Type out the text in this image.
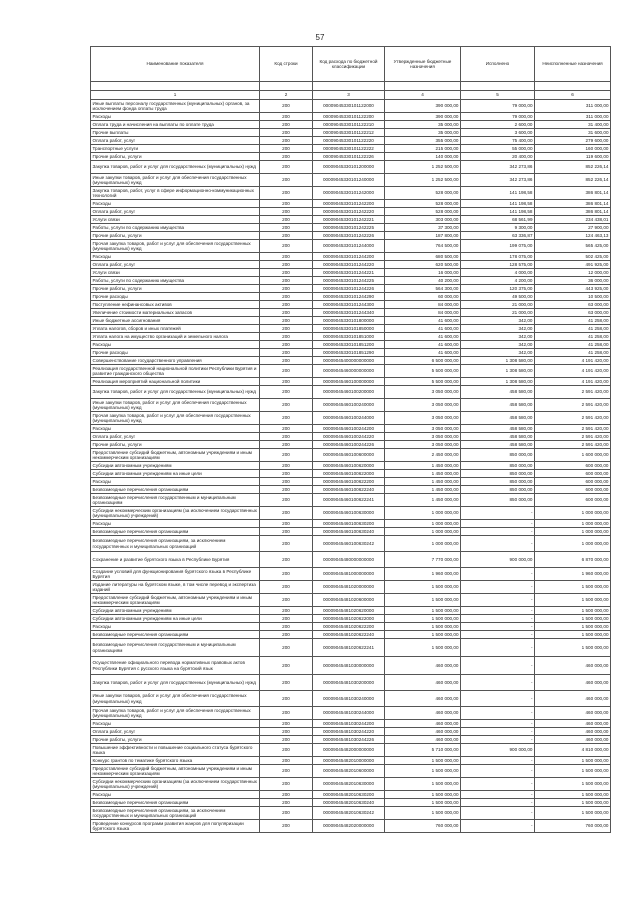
57
Наименование показателя	Код строки	Код расхода по бюджетной классификации	Утвержденные бюджетные назначения	Исполнено	Неисполненные назначения

1	2	3	4	5	6
Иные выплаты персоналу государственных (муниципальных) органов, за исключением фонда оплаты труда	200	00009045330101122000	390 000,00	79 000,00	311 000,00
Расходы	200	00009045330101122200	390 000,00	79 000,00	311 000,00
Оплата труда и начисления на выплаты по оплате труда	200	00009045330101122210	35 000,00	2 600,00	31 400,00
Прочие выплаты	200	00009045330101122212	35 000,00	3 600,00	31 600,00
Оплата работ, услуг	200	00009045330101122220	355 000,00	75 400,00	279 600,00
Транспортные услуги	200	00009045330101122222	215 000,00	55 000,00	160 000,00
Прочие работы, услуги	200	00009045330101122226	140 000,00	20 400,00	119 600,00
Закупка товаров, работ и услуг для государственных (муниципальных) нужд	200	00009045330101200000	1 252 500,00	342 273,86	852 226,14
Иные закупки товаров, работ и услуг для обеспечения государственных (муниципальных) нужд	200	00009045330101240000	1 252 500,00	342 273,86	852 226,14
Закупка товаров, работ, услуг в сфере информационно-коммуникационных технологий	200	00009045330101242000	528 000,00	141 198,58	386 801,14
Расходы	200	00009045330101242200	528 000,00	141 198,58	386 801,14
Оплата работ, услуг	200	00009045330101242220	528 000,00	141 198,58	386 801,14
Услуги связи	200	00009045330101242221	303 000,00	68 561,99	234 438,01
Работы, услуги по содержанию имущества	200	00009045330101242225	37 300,00	9 300,00	27 900,00
Прочие работы, услуги	200	00009045330101242226	187 800,00	63 336,87	124 463,13
Прочая закупка товаров, работ и услуг для обеспечения государственных (муниципальных) нужд	200	00009045330101244000	764 500,00	199 075,00	565 425,00
Расходы	200	00009045330101244200	680 500,00	178 075,00	502 425,00
Оплата работ, услуг	200	00009045330101244220	620 500,00	128 575,00	491 925,00
Услуги связи	200	00009045330101244221	16 000,00	4 000,00	12 000,00
Работы, услуги по содержанию имущества	200	00009045330101244225	40 200,00	4 200,00	36 000,00
Прочие работы, услуги	200	00009045330101244226	564 300,00	120 375,00	443 925,00
Прочие расходы	200	00009045330101244290	60 000,00	49 500,00	10 500,00
Поступление нефинансовых активов	200	00009045330101244300	84 000,00	21 000,00	63 000,00
Увеличение стоимости материальных запасов	200	00009045330101244340	84 000,00	21 000,00	63 000,00
Иные бюджетные ассигнования	200	00009045330101800000	41 600,00	342,00	41 258,00
Уплата налогов, сборов и иных платежей	200	00009045330101850000	41 600,00	342,00	41 258,00
Уплата налога на имущество организаций и земельного налога	200	00009045330101851000	41 600,00	342,00	41 258,00
Расходы	200	00009045330101851200	41 600,00	342,00	41 258,00
Прочие расходы	200	00009045330101851290	41 600,00	342,00	41 258,00
Совершенствование государственного управления	200	00009045400000000000	6 500 000,00	1 308 580,00	4 191 420,00
Реализация государственной национальной политики Республики Бурятия и развитие гражданского общества	200	00009045460000000000	5 500 000,00	1 308 580,00	4 191 420,00
Реализация мероприятий национальной политики	200	00009045460100000000	5 500 000,00	1 308 580,00	4 191 420,00
Закупка товаров, работ и услуг для государственных (муниципальных) нужд	200	00009045460100200000	3 050 000,00	458 580,00	2 591 420,00
Иные закупки товаров, работ и услуг для обеспечения государственных (муниципальных) нужд	200	00009045460100240000	3 050 000,00	458 580,00	2 591 420,00
Прочая закупка товаров, работ и услуг для обеспечения государственных (муниципальных) нужд	200	00009045460100244000	3 050 000,00	458 580,00	2 591 420,00
Расходы	200	00009045460100244200	3 050 000,00	458 580,00	2 591 420,00
Оплата работ, услуг	200	00009045460100244220	3 050 000,00	458 580,00	2 591 420,00
Прочие работы, услуги	200	00009045460100244226	3 050 000,00	458 580,00	2 591 420,00
Предоставление субсидий бюджетным, автономным учреждениям и иным некоммерческим организациям	200	00009045460100600000	2 450 000,00	850 000,00	1 600 000,00
Субсидии автономным учреждениям	200	00009045460100620000	1 450 000,00	850 000,00	600 000,00
Субсидии автономным учреждениям на иные цели	200	00009045460100622000	1 450 000,00	850 000,00	600 000,00
Расходы	200	00009045460100622200	1 450 000,00	850 000,00	600 000,00
Безвозмездные перечисления организациям	200	00009045460100622240	1 450 000,00	850 000,00	600 000,00
Безвозмездные перечисления государственным и муниципальным организациям	200	00009045460100622241	1 450 000,00	850 000,00	600 000,00
Субсидии некоммерческим организациям (за исключением государственных (муниципальных) учреждений)	200	00009045460100630000	1 000 000,00	-	1 000 000,00
Расходы	200	00009045460100630200	1 000 000,00	-	1 000 000,00
Безвозмездные перечисления организациям	200	00009045460100630240	1 000 000,00	-	1 000 000,00
Безвозмездные перечисления организациям, за исключением государственных и муниципальных организаций	200	00009045460100630242	1 000 000,00	-	1 000 000,00
Сохранение и развитие бурятского языка в Республике Бурятия	200	00009045480000000000	7 770 000,00	900 000,00	6 870 000,00
Создание условий для функционирования бурятского языка в Республике Бурятия	200	00009045481000000000	1 960 000,00	-	1 960 000,00
Издание литературы на бурятском языке, в том числе перевод и экспертиза изданий	200	00009045481020000000	1 500 000,00	-	1 500 000,00
Предоставление субсидий бюджетным, автономным учреждениям и иным некоммерческим организациям	200	00009045481020600000	1 500 000,00	-	1 500 000,00
Субсидии автономным учреждениям	200	00009045481020620000	1 500 000,00	-	1 500 000,00
Субсидии автономным учреждениям на иные цели	200	00009045481020622000	1 500 000,00	-	1 500 000,00
Расходы	200	00009045481020622200	1 500 000,00	-	1 500 000,00
Безвозмездные перечисления организациям	200	00009045481020622240	1 500 000,00	-	1 500 000,00
Безвозмездные перечисления государственным и муниципальным организациям	200	00009045481020622241	1 500 000,00	-	1 500 000,00
Осуществление официального перевода нормативных правовых актов Республики Бурятия с русского языка на бурятский язык	200	00009045481030000000	460 000,00	-	460 000,00
Закупка товаров, работ и услуг для государственных (муниципальных) нужд	200	00009045481030200000	460 000,00	-	460 000,00
Иные закупки товаров, работ и услуг для обеспечения государственных (муниципальных) нужд	200	00009045481030240000	460 000,00	-	460 000,00
Прочая закупка товаров, работ и услуг для обеспечения государственных (муниципальных) нужд	200	00009045481030244000	460 000,00	-	460 000,00
Расходы	200	00009045481030244200	460 000,00	-	460 000,00
Оплата работ, услуг	200	00009045481030244220	460 000,00	-	460 000,00
Прочие работы, услуги	200	00009045481030244226	460 000,00	-	460 000,00
Повышение эффективности и повышение социального статуса бурятского языка	200	00009045482000000000	5 710 000,00	900 000,00	4 810 000,00
Конкурс грантов по тематике бурятского языка	200	00009045482010000000	1 500 000,00	-	1 500 000,00
Предоставление субсидий бюджетным, автономным учреждениям и иным некоммерческим организациям	200	00009045482010600000	1 500 000,00	-	1 500 000,00
Субсидии некоммерческим организациям (за исключением государственных (муниципальных) учреждений)	200	00009045482010630000	1 500 000,00	-	1 500 000,00
Расходы	200	00009045482010630200	1 500 000,00	-	1 500 000,00
Безвозмездные перечисления организациям	200	00009045482010630240	1 500 000,00	-	1 500 000,00
Безвозмездные перечисления организациям, за исключением государственных и муниципальных организаций	200	00009045482010630242	1 500 000,00	-	1 500 000,00
Проведение конкурсов программ развития жанров для популяризации бурятского языка	200	00009045482020000000	760 000,00	-	760 000,00
